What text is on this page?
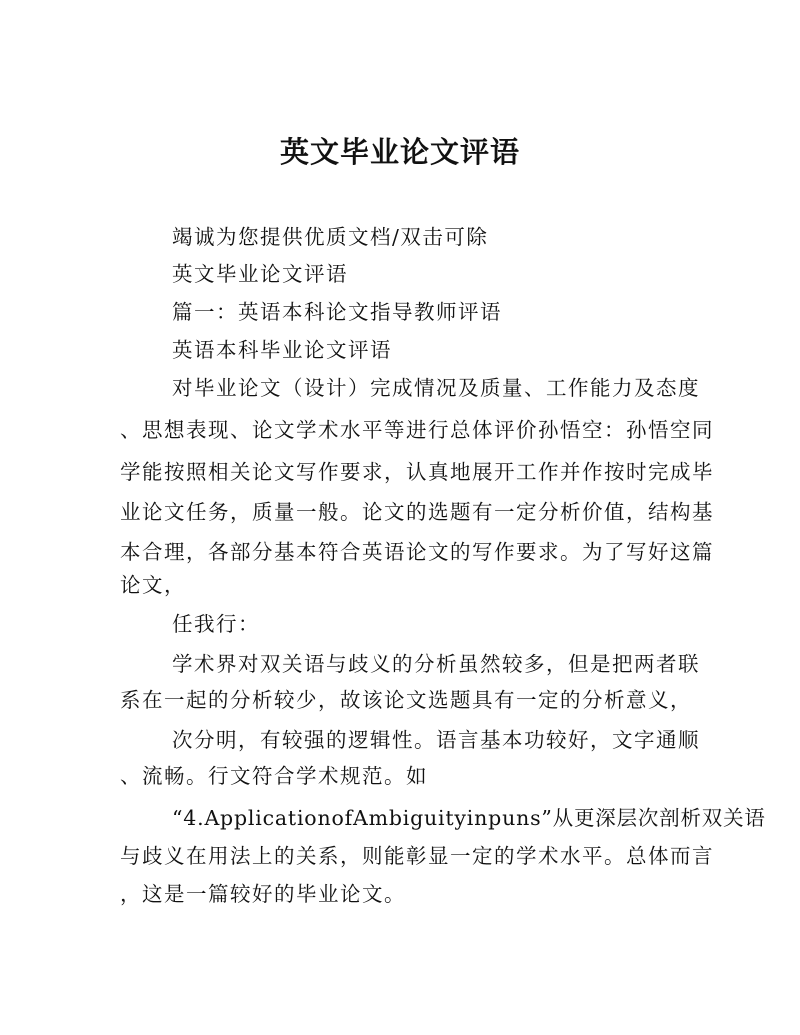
英文毕业论文评语
竭诚为您提供优质文档/双击可除
英文毕业论文评语
篇一：英语本科论文指导教师评语
英语本科毕业论文评语
对毕业论文（设计）完成情况及质量、工作能力及态度
、思想表现、论文学术水平等进行总体评价孙悟空：孙悟空同
学能按照相关论文写作要求，认真地展开工作并作按时完成毕
业论文任务，质量一般。论文的选题有一定分析价值，结构基
本合理，各部分基本符合英语论文的写作要求。为了写好这篇
论文，
任我行：
学术界对双关语与歧义的分析虽然较多，但是把两者联
系在一起的分析较少，故该论文选题具有一定的分析意义，
次分明，有较强的逻辑性。语言基本功较好，文字通顺
、流畅。行文符合学术规范。如
“4.ApplicationofAmbiguityinpuns”从更深层次剖析双关语
与歧义在用法上的关系，则能彰显一定的学术水平。总体而言
，这是一篇较好的毕业论文。
